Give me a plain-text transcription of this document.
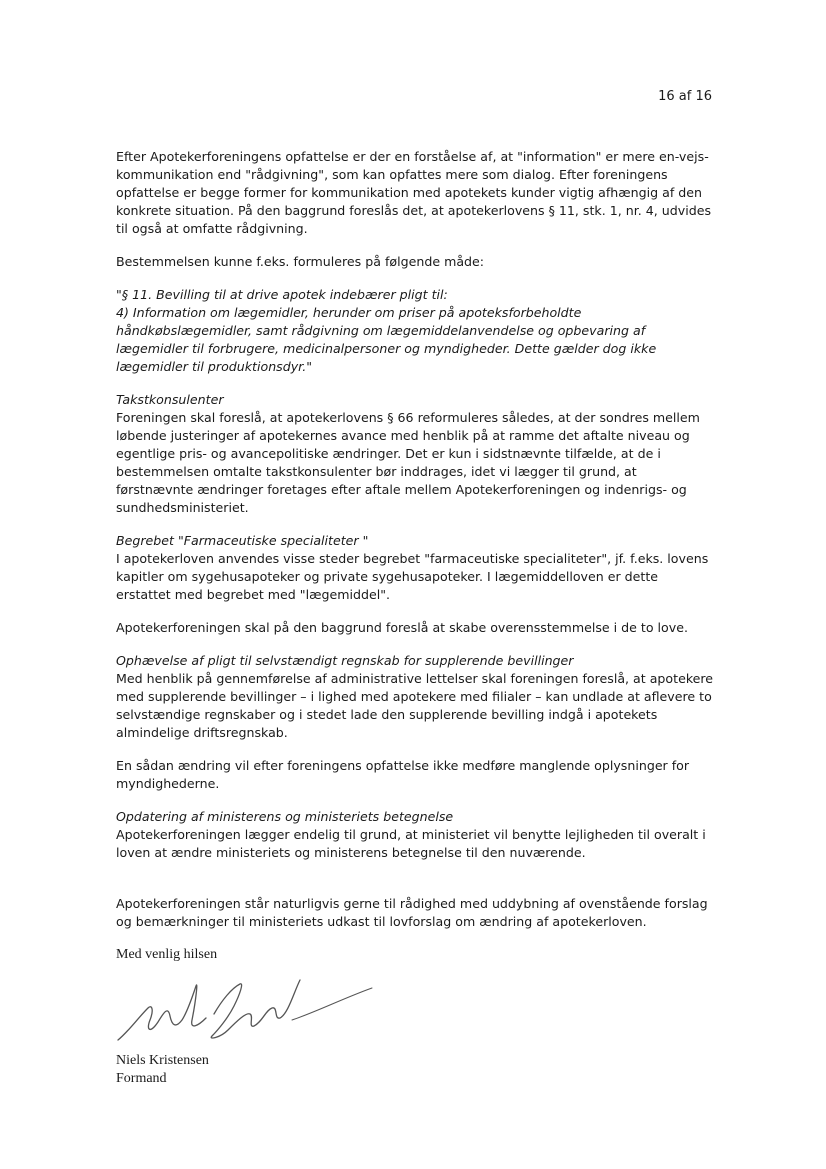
16 af 16

Efter Apotekerforeningens opfattelse er der en forståelse af, at "information" er mere en-vejs-kommunikation end "rådgivning", som kan opfattes mere som dialog. Efter foreningens opfattelse er begge former for kommunikation med apotekets kunder vigtig afhængig af den konkrete situation. På den baggrund foreslås det, at apotekerlovens § 11, stk. 1, nr. 4, udvides til også at omfatte rådgivning.

Bestemmelsen kunne f.eks. formuleres på følgende måde:

"§ 11. Bevilling til at drive apotek indebærer pligt til:

4) Information om lægemidler, herunder om priser på apoteksforbeholdte håndkøbslægemidler, samt rådgivning om lægemiddelanvendelse og opbevaring af lægemidler til forbrugere, medicinalpersoner og myndigheder. Dette gælder dog ikke lægemidler til produktionsdyr."

Takstkonsulenter

Foreningen skal foreslå, at apotekerlovens § 66 reformuleres således, at der sondres mellem løbende justeringer af apotekernes avance med henblik på at ramme det aftalte niveau og egentlige pris- og avancepolitiske ændringer. Det er kun i sidstnævnte tilfælde, at de i bestemmelsen omtalte takstkonsulenter bør inddrages, idet vi lægger til grund, at førstnævnte ændringer foretages efter aftale mellem Apotekerforeningen og indenrigs- og sundhedsministeriet.

Begrebet "Farmaceutiske specialiteter "

I apotekerloven anvendes visse steder begrebet "farmaceutiske specialiteter", jf. f.eks. lovens kapitler om sygehusapoteker og private sygehusapoteker. I lægemiddelloven er dette erstattet med begrebet med "lægemiddel".

Apotekerforeningen skal på den baggrund foreslå at skabe overensstemmelse i de to love.

Ophævelse af pligt til selvstændigt regnskab for supplerende bevillinger

Med henblik på gennemførelse af administrative lettelser skal foreningen foreslå, at apotekere med supplerende bevillinger – i lighed med apotekere med filialer – kan undlade at aflevere to selvstændige regnskaber og i stedet lade den supplerende bevilling indgå i apotekets almindelige driftsregnskab.

En sådan ændring vil efter foreningens opfattelse ikke medføre manglende oplysninger for myndighederne.

Opdatering af ministerens og ministeriets betegnelse

Apotekerforeningen lægger endelig til grund, at ministeriet vil benytte lejligheden til overalt i loven at ændre ministeriets og ministerens betegnelse til den nuværende.

Apotekerforeningen står naturligvis gerne til rådighed med uddybning af ovenstående forslag og bemærkninger til ministeriets udkast til lovforslag om ændring af apotekerloven.

Med venlig hilsen

Niels Kristensen

Formand
